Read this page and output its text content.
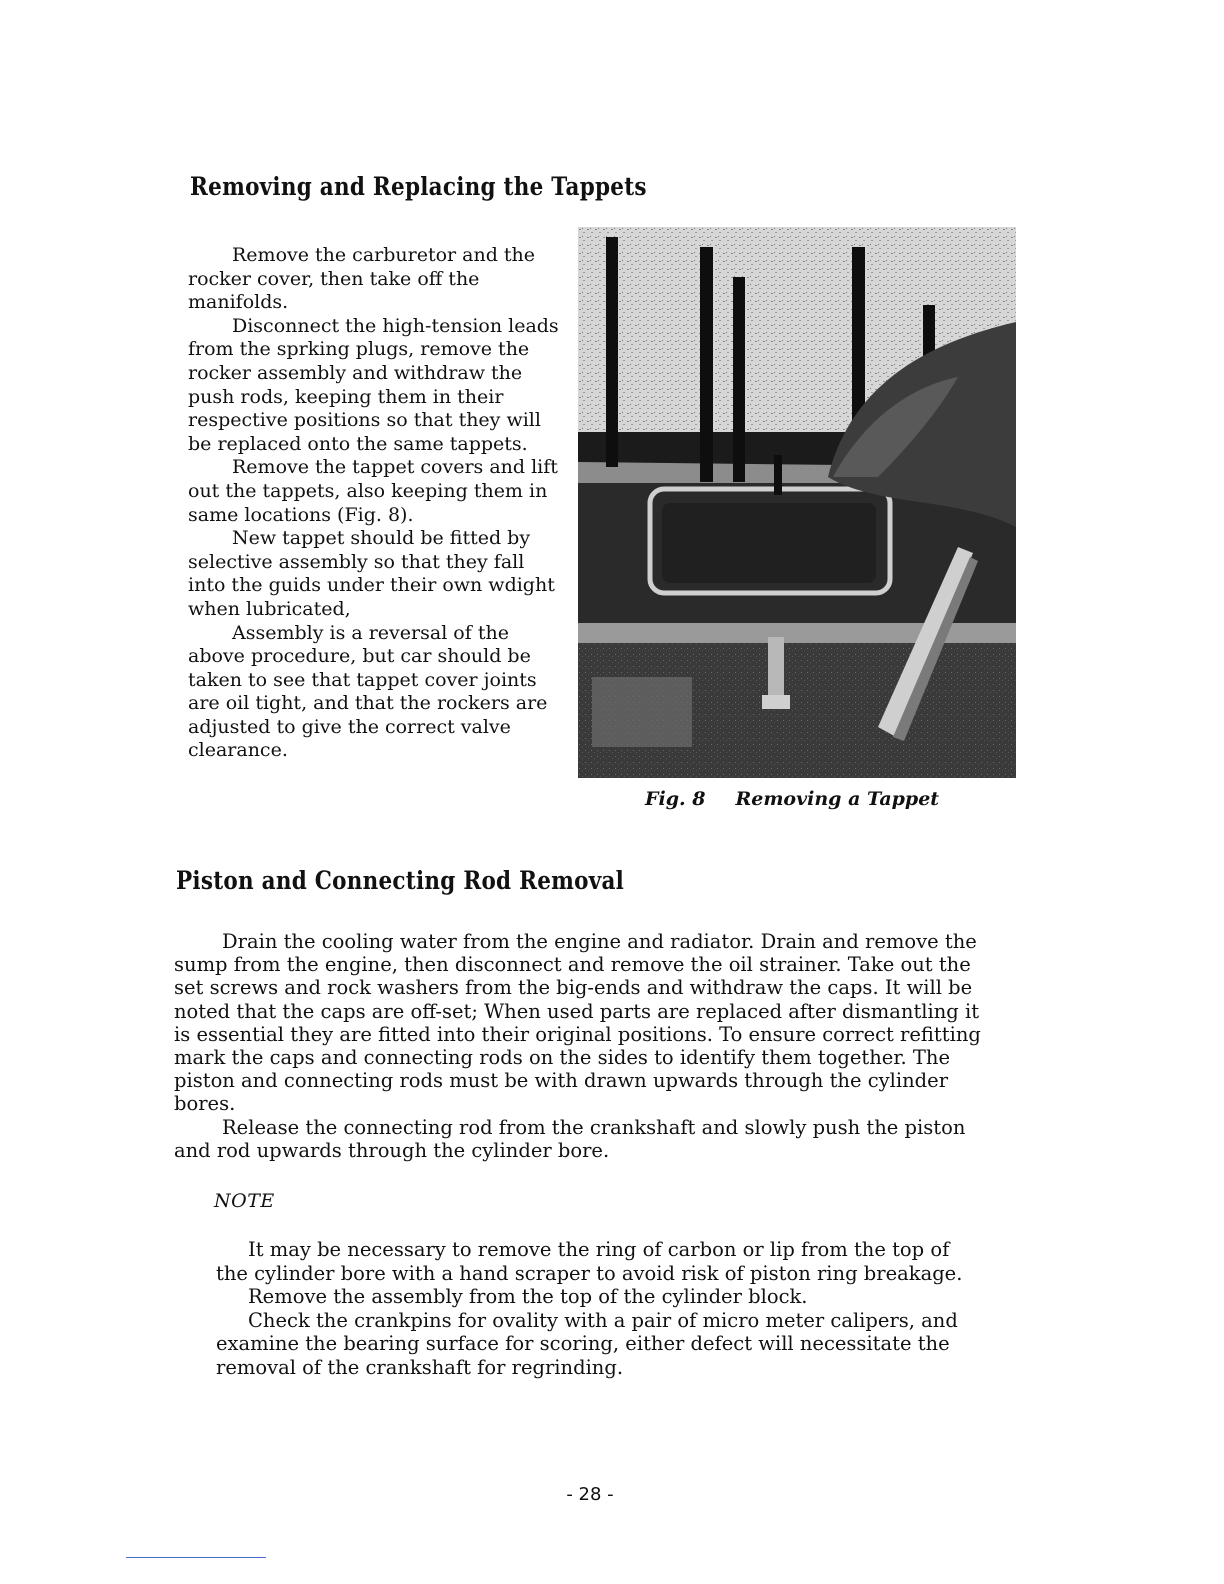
Removing and Replacing the Tappets

Remove the carburetor and the rocker cover, then take off the manifolds.

Disconnect the high-tension leads from the sprking plugs, remove the rocker assembly and withdraw the push rods, keeping them in their respective positions so that they will be replaced onto the same tappets.

Remove the tappet covers and lift out the tappets, also keeping them in same locations (Fig. 8).

New tappet should be fitted by selective assembly so that they fall into the guids under their own wdight when lubricated,

Assembly is a reversal of the above procedure, but car should be taken to see that tappet cover joints are oil tight, and that the rockers are adjusted to give the correct valve clearance.

Fig. 8 Removing a Tappet
Piston and Connecting Rod Removal

Drain the cooling water from the engine and radiator. Drain and remove the sump from the engine, then disconnect and remove the oil strainer. Take out the set screws and rock washers from the big-ends and withdraw the caps. It will be noted that the caps are off-set; When used parts are replaced after dismantling it is essential they are fitted into their original positions. To ensure correct refitting mark the caps and connecting rods on the sides to identify them together. The piston and connecting rods must be with drawn upwards through the cylinder bores.

Release the connecting rod from the crankshaft and slowly push the piston and rod upwards through the cylinder bore.

NOTE

It may be necessary to remove the ring of carbon or lip from the top of the cylinder bore with a hand scraper to avoid risk of piston ring breakage.

Remove the assembly from the top of the cylinder block.

Check the crankpins for ovality with a pair of micro meter calipers, and examine the bearing surface for scoring, either defect will necessitate the removal of the crankshaft for regrinding.

- 28 -
